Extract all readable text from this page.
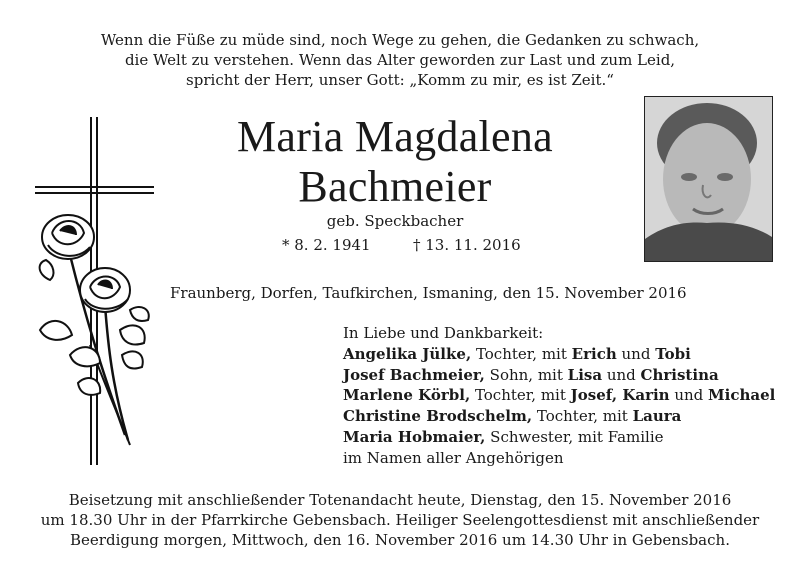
Wenn die Füße zu müde sind, noch Wege zu gehen, die Gedanken zu schwach,
die Welt zu verstehen. Wenn das Alter geworden zur Last und zum Leid,
spricht der Herr, unser Gott: „Komm zu mir, es ist Zeit.“
Maria Magdalena
Bachmeier
geb. Speckbacher
* 8. 2. 1941	† 13. 11. 2016
Fraunberg, Dorfen, Taufkirchen, Ismaning, den 15. November 2016
In Liebe und Dankbarkeit:
Angelika Jülke, Tochter, mit Erich und Tobi
Josef Bachmeier, Sohn, mit Lisa und Christina
Marlene Körbl, Tochter, mit Josef, Karin und Michael
Christine Brodschelm, Tochter, mit Laura
Maria Hobmaier, Schwester, mit Familie
im Namen aller Angehörigen
Beisetzung mit anschließender Totenandacht heute, Dienstag, den 15. November 2016
um 18.30 Uhr in der Pfarrkirche Gebensbach. Heiliger Seelengottesdienst mit anschließender
Beerdigung morgen, Mittwoch, den 16. November 2016 um 14.30 Uhr in Gebensbach.
